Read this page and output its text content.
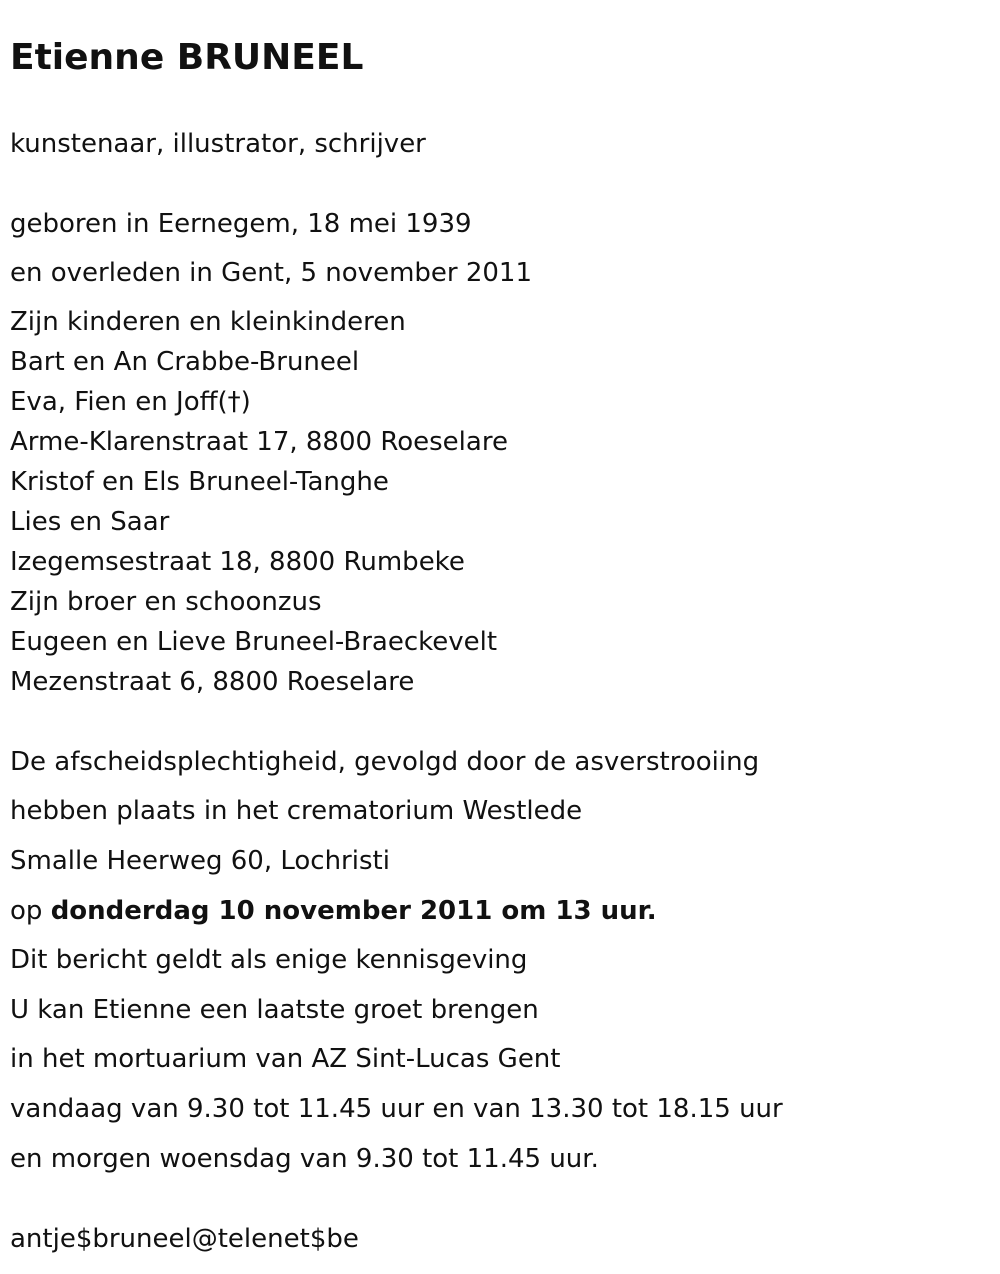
Etienne BRUNEEL

kunstenaar, illustrator, schrijver

geboren in Eernegem, 18 mei 1939

en overleden in Gent, 5 november 2011

Zijn kinderen en kleinkinderen

Bart en An Crabbe-Bruneel

Eva, Fien en Joff(†)

Arme-Klarenstraat 17, 8800 Roeselare

Kristof en Els Bruneel-Tanghe

Lies en Saar

Izegemsestraat 18, 8800 Rumbeke

Zijn broer en schoonzus

Eugeen en Lieve Bruneel-Braeckevelt

Mezenstraat 6, 8800 Roeselare

De afscheidsplechtigheid, gevolgd door de asverstrooiing

hebben plaats in het crematorium Westlede

Smalle Heerweg 60, Lochristi

op donderdag 10 november 2011 om 13 uur.

Dit bericht geldt als enige kennisgeving

U kan Etienne een laatste groet brengen

in het mortuarium van AZ Sint-Lucas Gent

vandaag van 9.30 tot 11.45 uur en van 13.30 tot 18.15 uur

en morgen woensdag van 9.30 tot 11.45 uur.

antje$bruneel@telenet$be
